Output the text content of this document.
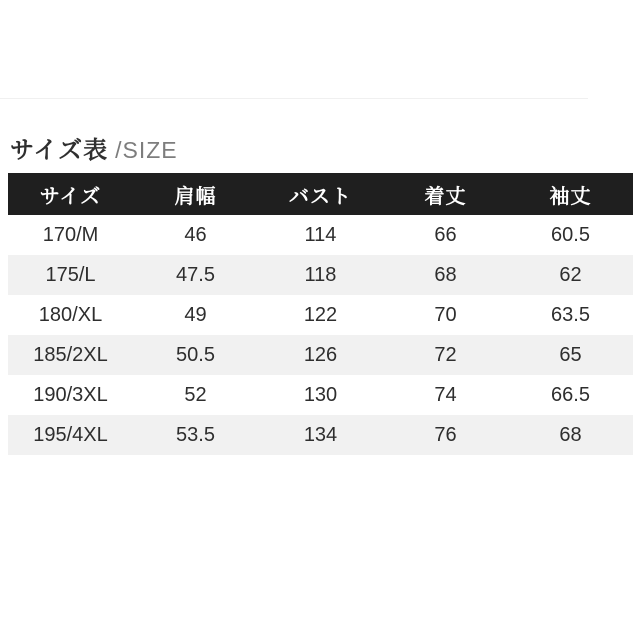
サイズ表 /SIZE
サイズ	肩幅	バスト	着丈	袖丈
170/M	46	114	66	60.5
175/L	47.5	118	68	62
180/XL	49	122	70	63.5
185/2XL	50.5	126	72	65
190/3XL	52	130	74	66.5
195/4XL	53.5	134	76	68
